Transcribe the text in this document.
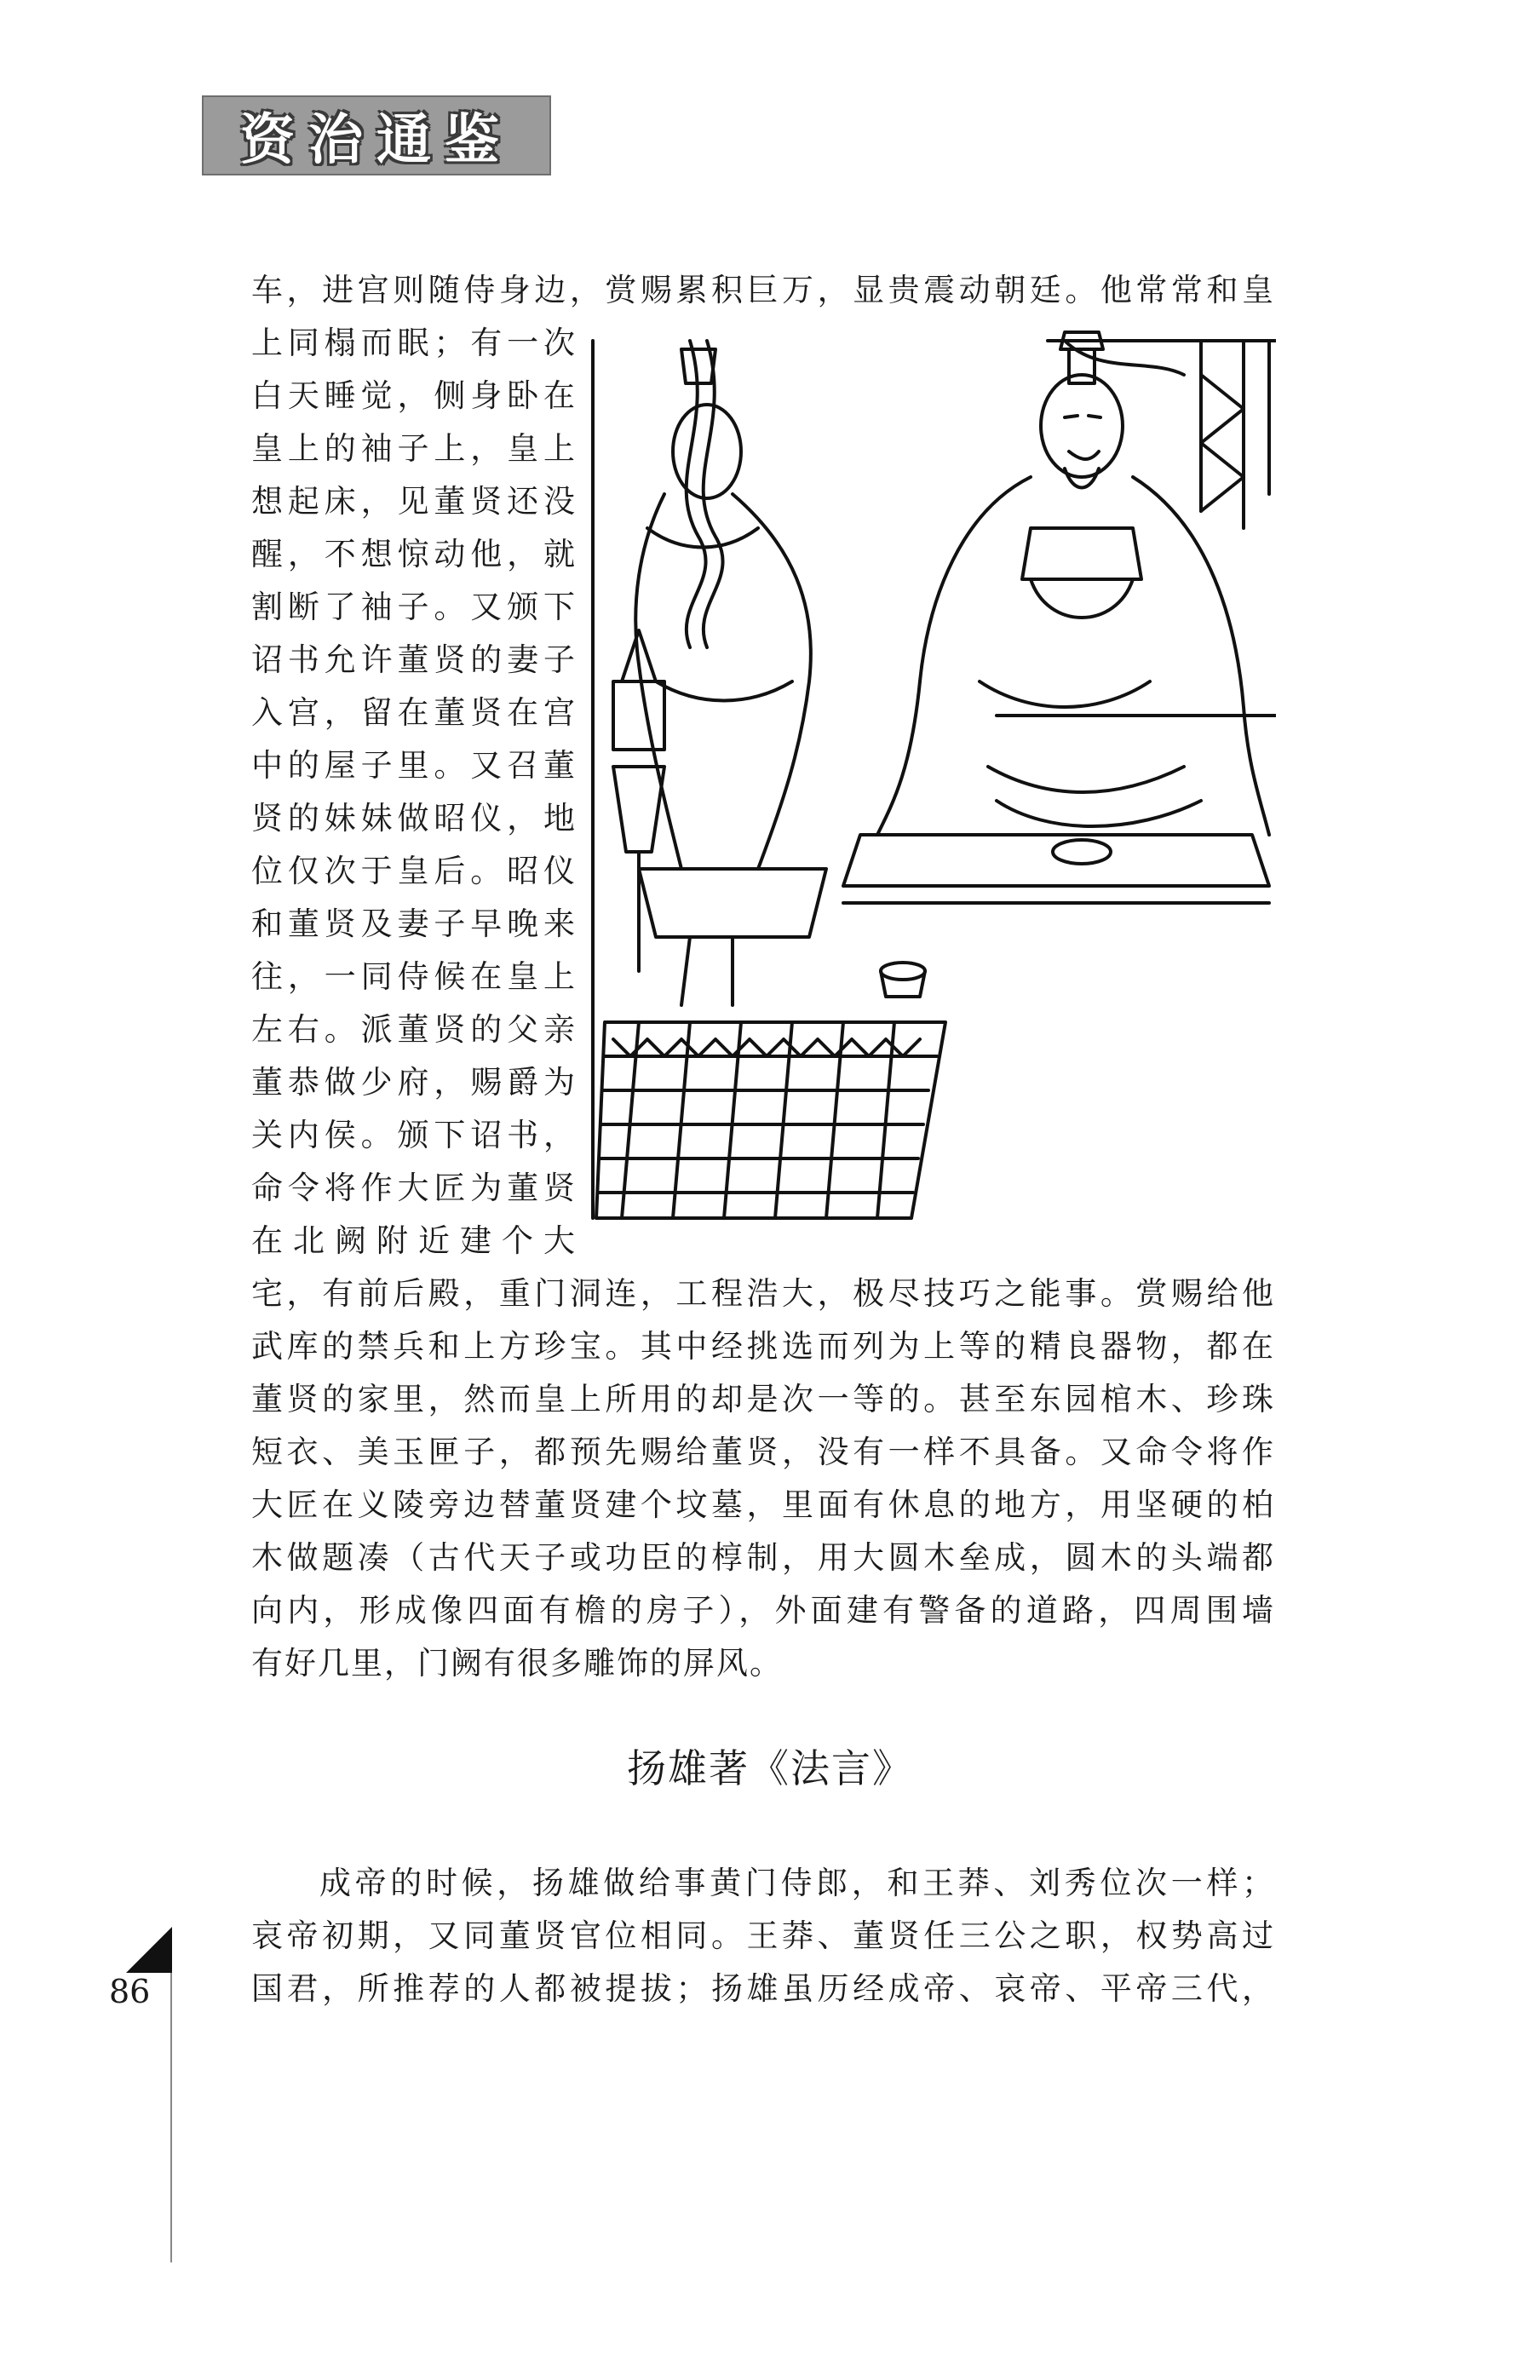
资治通鉴
车，进宫则随侍身边，赏赐累积巨万，显贵震动朝廷。他常常和皇
上同榻而眠；有一次
白天睡觉，侧身卧在
皇上的袖子上，皇上
想起床，见董贤还没
醒，不想惊动他，就
割断了袖子。又颁下
诏书允许董贤的妻子
入宫，留在董贤在宫
中的屋子里。又召董
贤的妹妹做昭仪，地
位仅次于皇后。昭仪
和董贤及妻子早晚来
往，一同侍候在皇上
左右。派董贤的父亲
董恭做少府，赐爵为
关内侯。颁下诏书，
命令将作大匠为董贤
在北阙附近建个大
宅，有前后殿，重门洞连，工程浩大，极尽技巧之能事。赏赐给他
武库的禁兵和上方珍宝。其中经挑选而列为上等的精良器物，都在
董贤的家里，然而皇上所用的却是次一等的。甚至东园棺木、珍珠
短衣、美玉匣子，都预先赐给董贤，没有一样不具备。又命令将作
大匠在义陵旁边替董贤建个坟墓，里面有休息的地方，用坚硬的柏
木做题凑（古代天子或功臣的椁制，用大圆木垒成，圆木的头端都
向内，形成像四面有檐的房子），外面建有警备的道路，四周围墙
有好几里，门阙有很多雕饰的屏风。
成帝的时候，扬雄做给事黄门侍郎，和王莽、刘秀位次一样；
哀帝初期，又同董贤官位相同。王莽、董贤任三公之职，权势高过
国君，所推荐的人都被提拔；扬雄虽历经成帝、哀帝、平帝三代，
扬雄著《法言》
86
